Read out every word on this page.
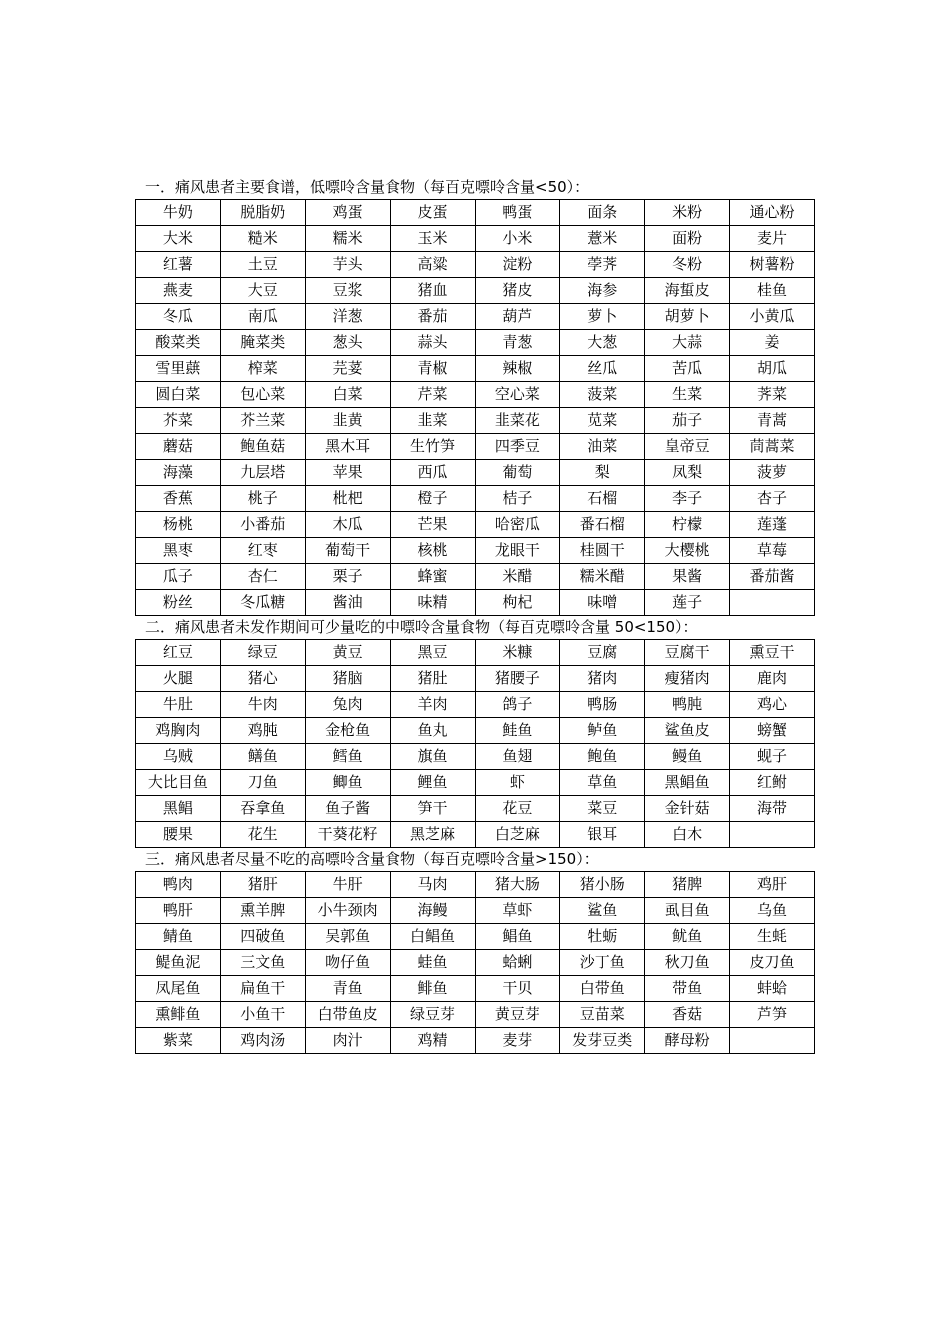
一．痛风患者主要食谱，低嘌呤含量食物（每百克嘌呤含量<50）：
牛奶	脱脂奶	鸡蛋	皮蛋	鸭蛋	面条	米粉	通心粉
大米	糙米	糯米	玉米	小米	薏米	面粉	麦片
红薯	土豆	芋头	高粱	淀粉	荸荠	冬粉	树薯粉
燕麦	大豆	豆浆	猪血	猪皮	海参	海蜇皮	桂鱼
冬瓜	南瓜	洋葱	番茄	葫芦	萝卜	胡萝卜	小黄瓜
酸菜类	腌菜类	葱头	蒜头	青葱	大葱	大蒜	姜
雪里蕻	榨菜	芫荽	青椒	辣椒	丝瓜	苦瓜	胡瓜
圆白菜	包心菜	白菜	芹菜	空心菜	菠菜	生菜	荠菜
芥菜	芥兰菜	韭黄	韭菜	韭菜花	苋菜	茄子	青蒿
蘑菇	鲍鱼菇	黑木耳	生竹笋	四季豆	油菜	皇帝豆	茼蒿菜
海藻	九层塔	苹果	西瓜	葡萄	梨	凤梨	菠萝
香蕉	桃子	枇杷	橙子	桔子	石榴	李子	杏子
杨桃	小番茄	木瓜	芒果	哈密瓜	番石榴	柠檬	莲蓬
黑枣	红枣	葡萄干	核桃	龙眼干	桂圆干	大樱桃	草莓
瓜子	杏仁	栗子	蜂蜜	米醋	糯米醋	果酱	番茄酱
粉丝	冬瓜糖	酱油	味精	枸杞	味噌	莲子	
二．痛风患者未发作期间可少量吃的中嘌呤含量食物（每百克嘌呤含量 50<150）：
红豆	绿豆	黄豆	黑豆	米糠	豆腐	豆腐干	熏豆干
火腿	猪心	猪脑	猪肚	猪腰子	猪肉	瘦猪肉	鹿肉
牛肚	牛肉	兔肉	羊肉	鸽子	鸭肠	鸭肫	鸡心
鸡胸肉	鸡肫	金枪鱼	鱼丸	鲑鱼	鲈鱼	鲨鱼皮	螃蟹
乌贼	鳝鱼	鳕鱼	旗鱼	鱼翅	鲍鱼	鳗鱼	蚬子
大比目鱼	刀鱼	鲫鱼	鲤鱼	虾	草鱼	黑鲳鱼	红鲋
黑鲳	吞拿鱼	鱼子酱	笋干	花豆	菜豆	金针菇	海带
腰果	花生	干葵花籽	黑芝麻	白芝麻	银耳	白木	
三．痛风患者尽量不吃的高嘌呤含量食物（每百克嘌呤含量>150）：
鸭肉	猪肝	牛肝	马肉	猪大肠	猪小肠	猪脾	鸡肝
鸭肝	熏羊脾	小牛颈肉	海鳗	草虾	鲨鱼	虱目鱼	乌鱼
鲭鱼	四破鱼	吴郭鱼	白鲳鱼	鲳鱼	牡蛎	鱿鱼	生蚝
鳀鱼泥	三文鱼	吻仔鱼	蛙鱼	蛤蜊	沙丁鱼	秋刀鱼	皮刀鱼
凤尾鱼	扁鱼干	青鱼	鲱鱼	干贝	白带鱼	带鱼	蚌蛤
熏鲱鱼	小鱼干	白带鱼皮	绿豆芽	黄豆芽	豆苗菜	香菇	芦笋
紫菜	鸡肉汤	肉汁	鸡精	麦芽	发芽豆类	酵母粉	
